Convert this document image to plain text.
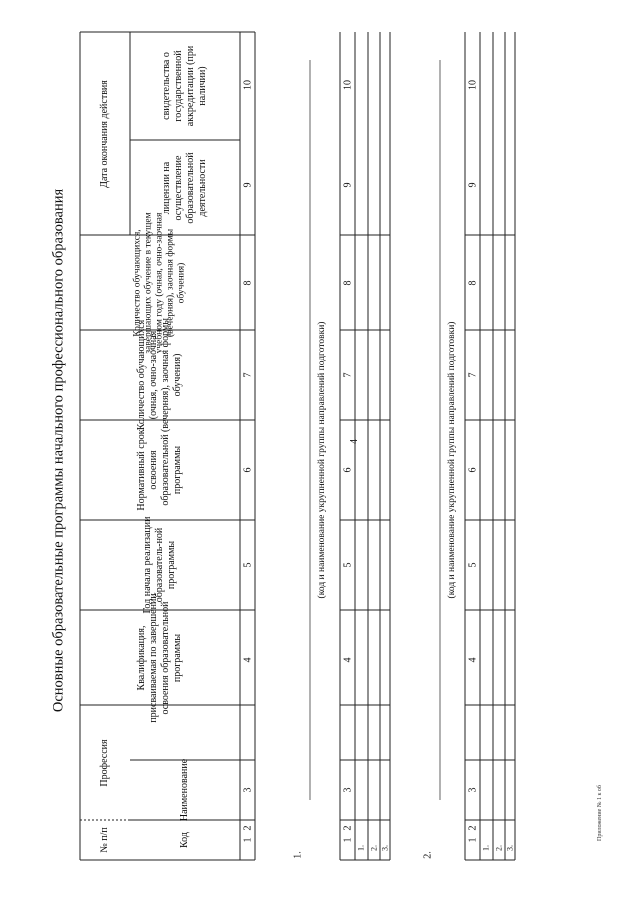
4
Основные образовательные программы начального профессионального образования
свидетельства о государственной аккредитации (при наличии)
лицензии на осуществление образовательной деятельности
Дата окончания действия
Количество обучающихся, завершающих обучение в текущем учебном году (очная, очно-заочная (вечерняя), заочная формы обучения)
Количество обучающихся (очная, очно-заочная (вечерняя), заочная формы обучения)
Нормативный срок освоения образовательной программы
Год начала реализации образователь-ной программы
Квалификация, присваиваемая по завершении освоения образовательной программы
Профессия	Наименование
Код
№ п/п	1
2
3
4
5
6
7
8
9
10
1.
(код и наименование укрупненной группы направлений подготовки)
1
2
3
4
5
6
7
8
9
10
1. 2. 3.
2.
(код и наименование укрупненной группы направлений подготовки)
1
2
3
4
5
6
7
8
9
10
1. 2. 3.
Приложение № 1 к об
